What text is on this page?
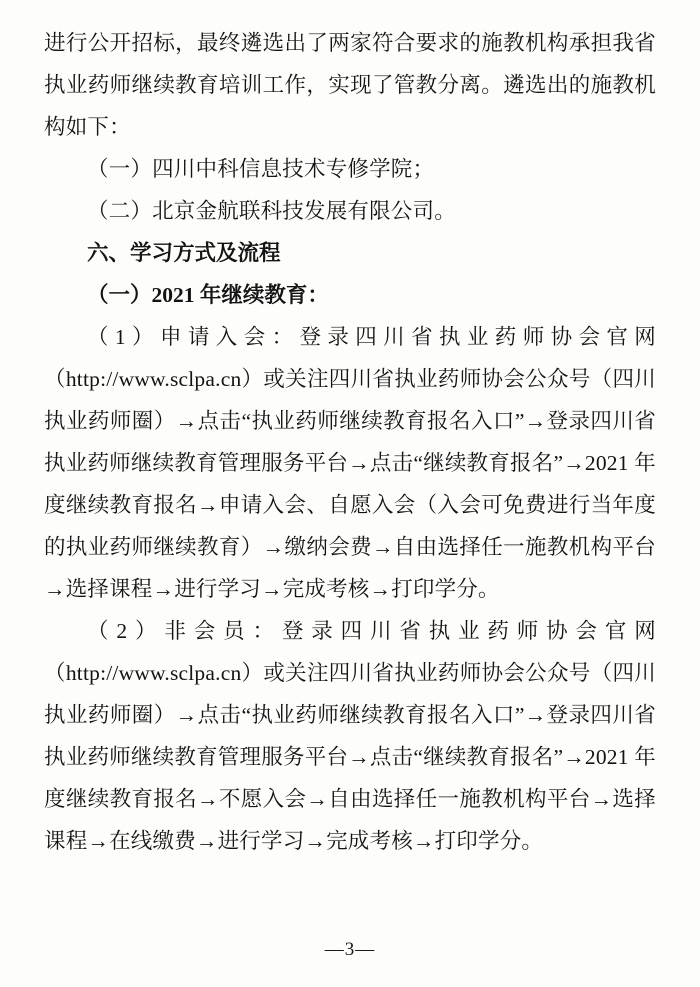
进行公开招标，最终遴选出了两家符合要求的施教机构承担我省执业药师继续教育培训工作，实现了管教分离。遴选出的施教机构如下：

（一）四川中科信息技术专修学院；

（二）北京金航联科技发展有限公司。

六、学习方式及流程

（一）2021 年继续教育：

（1）申请入会：登录四川省执业药师协会官网（http://www.sclpa.cn）或关注四川省执业药师协会公众号（四川执业药师圈）→点击“执业药师继续教育报名入口”→登录四川省执业药师继续教育管理服务平台→点击“继续教育报名”→2021 年度继续教育报名→申请入会、自愿入会（入会可免费进行当年度的执业药师继续教育）→缴纳会费→自由选择任一施教机构平台→选择课程→进行学习→完成考核→打印学分。

（2）非会员：登录四川省执业药师协会官网（http://www.sclpa.cn）或关注四川省执业药师协会公众号（四川执业药师圈）→点击“执业药师继续教育报名入口”→登录四川省执业药师继续教育管理服务平台→点击“继续教育报名”→2021 年度继续教育报名→不愿入会→自由选择任一施教机构平台→选择课程→在线缴费→进行学习→完成考核→打印学分。

—3—
